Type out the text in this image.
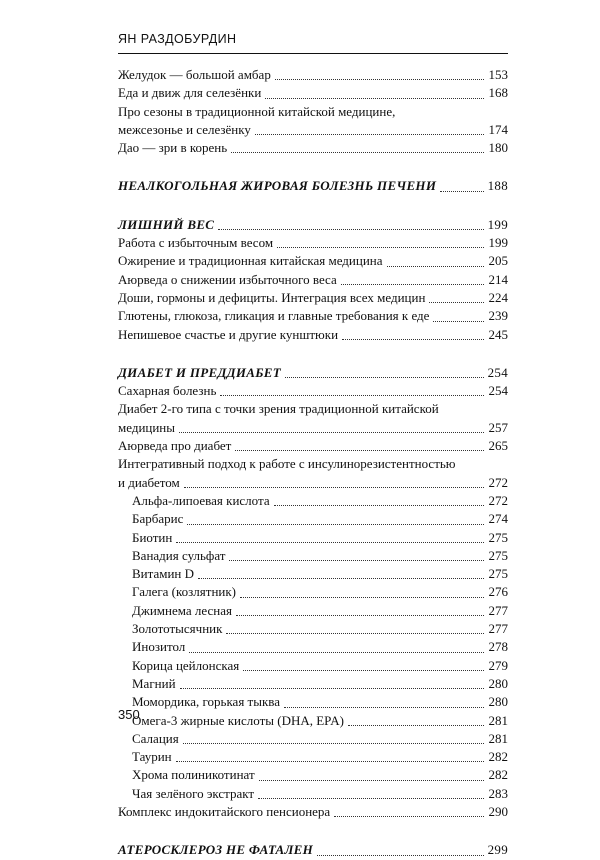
ЯН РАЗДОБУРДИН
Желудок — большой амбар	153
Еда и движ для селезёнки	168
Про сезоны в традиционной китайской медицине,
межсезонье и селезёнку	174
Дао — зри в корень	180
НЕАЛКОГОЛЬНАЯ ЖИРОВАЯ БОЛЕЗНЬ ПЕЧЕНИ	188
ЛИШНИЙ ВЕС	199
Работа с избыточным весом	199
Ожирение и традиционная китайская медицина	205
Аюрведа о снижении избыточного веса	214
Доши, гормоны и дефициты. Интеграция всех медицин	224
Глютены, глюкоза, гликация и главные требования к еде	239
Непишевое счастье и другие кунштюки	245
ДИАБЕТ И ПРЕДДИАБЕТ	254
Сахарная болезнь	254
Диабет 2-го типа с точки зрения традиционной китайской
медицины	257
Аюрведа про диабет	265
Интегративный подход к работе с инсулинорезистентностью
и диабетом	272
Альфа-липоевая кислота	272
Барбарис	274
Биотин	275
Ванадия сульфат	275
Витамин D	275
Галега (козлятник)	276
Джимнема лесная	277
Золототысячник	277
Инозитол	278
Корица цейлонская	279
Магний	280
Момордика, горькая тыква	280
Омега-3 жирные кислоты (DHA, EPA)	281
Салация	281
Таурин	282
Хрома полиникотинат	282
Чая зелёного экстракт	283
Комплекс индокитайского пенсионера	290
АТЕРОСКЛЕРОЗ НЕ ФАТАЛЕН	299
350
